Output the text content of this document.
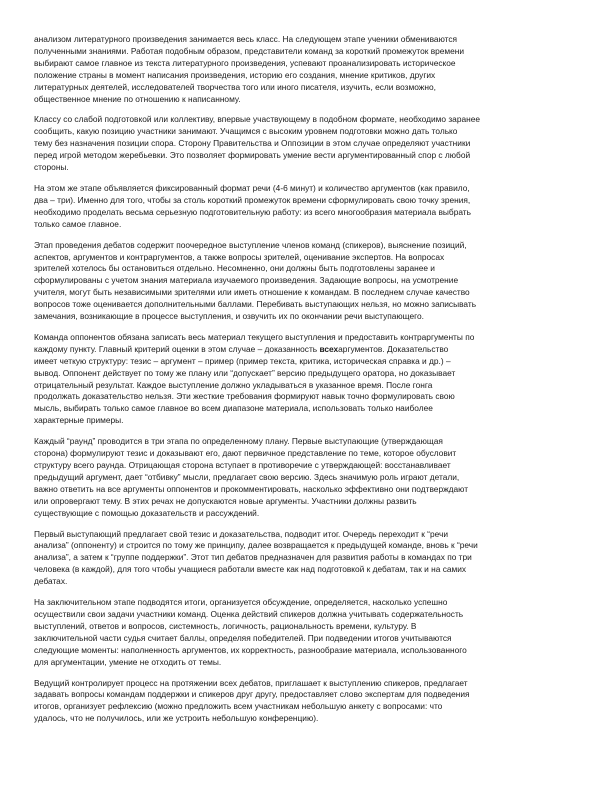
анализом литературного произведения занимается весь класс. На следующем этапе ученики обмениваются
полученными знаниями. Работая подобным образом, представители команд за короткий промежуток времени
выбирают самое главное из текста литературного произведения, успевают проанализировать историческое
положение страны в момент написания произведения, историю его создания, мнение критиков, других
литературных деятелей, исследователей творчества того или иного писателя, изучить, если возможно,
общественное мнение по отношению к написанному.

Классу со слабой подготовкой или коллективу, впервые участвующему в подобном формате, необходимо заранее
сообщить, какую позицию участники занимают. Учащимся с высоким уровнем подготовки можно дать только
тему без назначения позиции спора. Сторону Правительства и Оппозиции в этом случае определяют участники
перед игрой методом жеребьевки. Это позволяет формировать умение вести аргументированный спор с любой
стороны.

На этом же этапе объявляется фиксированный формат речи (4-6 минут) и количество аргументов (как правило,
два – три). Именно для того, чтобы за столь короткий промежуток времени сформулировать свою точку зрения,
необходимо проделать весьма серьезную подготовительную работу: из всего многообразия материала выбрать
только самое главное.

Этап проведения дебатов содержит поочередное выступление членов команд (спикеров), выяснение позиций,
аспектов, аргументов и контраргументов, а также вопросы зрителей, оценивание экспертов. На вопросах
зрителей хотелось бы остановиться отдельно. Несомненно, они должны быть подготовлены заранее и
сформулированы с учетом знания материала изучаемого произведения. Задающие вопросы, на усмотрение
учителя, могут быть независимыми зрителями или иметь отношение к командам. В последнем случае качество
вопросов тоже оценивается дополнительными баллами. Перебивать выступающих нельзя, но можно записывать
замечания, возникающие в процессе выступления, и озвучить их по окончании речи выступающего.

Команда оппонентов обязана записать весь материал текущего выступления и предоставить контраргументы по
каждому пункту. Главный критерий оценки в этом случае – доказанность всехаргументов. Доказательство
имеет четкую структуру: тезис – аргумент – пример (пример текста, критика, историческая справка и др.) –
вывод. Оппонент действует по тому же плану или “допускает” версию предыдущего оратора, но доказывает
отрицательный результат. Каждое выступление должно укладываться в указанное время. После гонга
продолжать доказательство нельзя. Эти жесткие требования формируют навык точно формулировать свою
мысль, выбирать только самое главное во всем диапазоне материала, использовать только наиболее
характерные примеры.

Каждый “раунд” проводится в три этапа по определенному плану. Первые выступающие (утверждающая
сторона) формулируют тезис и доказывают его, дают первичное представление по теме, которое обусловит
структуру всего раунда. Отрицающая сторона вступает в противоречие с утверждающей: восстанавливает
предыдущий аргумент, дает “отбивку” мысли, предлагает свою версию. Здесь значимую роль играют детали,
важно ответить на все аргументы оппонентов и прокомментировать, насколько эффективно они подтверждают
или опровергают тему. В этих речах не допускаются новые аргументы. Участники должны развить
существующие с помощью доказательств и рассуждений.

Первый выступающий предлагает свой тезис и доказательства, подводит итог. Очередь переходит к “речи
анализа” (оппоненту) и строится по тому же принципу, далее возвращается к предыдущей команде, вновь к “речи
анализа”, а затем к “группе поддержки”. Этот тип дебатов предназначен для развития работы в командах по три
человека (в каждой), для того чтобы учащиеся работали вместе как над подготовкой к дебатам, так и на самих
дебатах.

На заключительном этапе подводятся итоги, организуется обсуждение, определяется, насколько успешно
осуществили свои задачи участники команд. Оценка действий спикеров должна учитывать содержательность
выступлений, ответов и вопросов, системность, логичность, рациональность времени, культуру. В
заключительной части судья считает баллы, определяя победителей. При подведении итогов учитываются
следующие моменты: наполненность аргументов, их корректность, разнообразие материала, использованного
для аргументации, умение не отходить от темы.

Ведущий контролирует процесс на протяжении всех дебатов, приглашает к выступлению спикеров, предлагает
задавать вопросы командам поддержки и спикеров друг другу, предоставляет слово экспертам для подведения
итогов, организует рефлексию (можно предложить всем участникам небольшую анкету с вопросами: что
удалось, что не получилось, или же устроить небольшую конференцию).
